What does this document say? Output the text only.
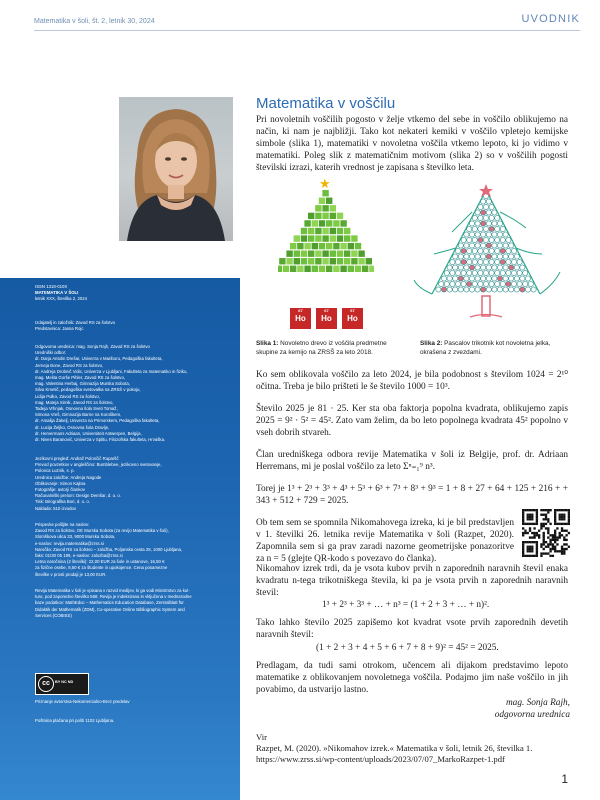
Matematika v šoli, št. 2, letnik 30, 2024	UVODNIK

ISSN 1318-010X

MATEMATIKA V ŠOLI

letnik XXX, številka 2, 2024

Izdajatelj in založnik: Zavod RS za šolstvo

Predstavnica: Jasna Rojc

Odgovorna urednica: mag. Sonja Rajh, Zavod RS za šolstvo

Uredniški odbor:

dr. Darja Antolin Drešar, Univerza v Mariboru, Pedagoška fakulteta,

Jerneja Bone, Zavod RS za šolstvo,

dr. Andreja Drobnič Vidic, Univerza v Ljubljani, Fakulteta za matematiko in fiziko,

mag. Melita Gorše Pihler, Zavod RS za šolstvo,

mag. Valentina Herbaj, Gimnazija Murska Sobota,

Silva Kmetič, pedagoška svetovalka na ZRSŠ v pokoju,

Lidija Pulko, Zavod RS za šolstvo,

mag. Mateja Sirnik, Zavod RS za šolstvo,

Tadeja Vrhnjak, Osnovna šola Sveti Tomaž,

Simona Vreš, Gimnazija Barne na Koroškem,

dr. Amalija Žakelj, Univerza na Primorskem, Pedagoška fakulteta,

dr. Lucija Željko, Osnovna šola Dravlje,

dr. Hervermans Adriaan, Universiteit Antwerpen, Belgija,

dr. Nives Baranović, Univerza v Splitu, Filozofska fakulteta, Hrvaška.

Jezikovni pregled: Andraž Polončič Ruparšč

Prevod povzetkov v angleščino: Bumblebee, jezikovno svetovanje,

Polonca Luznik, s. p.

Urednica založbe: Andreja Nagode

Oblikovanje: Simon Kajtna

Fotografije: avtorji člankov

Računalniški prelom: Design Demšar, d. o. o.

Tisk: Birografika Bori, d. o. o.

Naklada: 510 izvodov

Prispevke pošljite na naslov:

Zavod RS za šolstvo, OE Murska Sobota (za revijo Matematika v šoli),

Slomškova ulica 33, 9000 Murska Sobota,

e-naslov: revija.matematika@zrss.si

Naročila: Zavod RS za šolstvo – založba, Poljanska cesta 28, 1000 Ljubljana,

faks: 01/30 05 199, e-naslov: zalozba@zrss.si

Letna naročnina (2 številki): 22,00 EUR za šole in ustanove, 16,50 €

za fizične osebe, 8,50 € za študente in upokojence. Cena posamezne

številke v prosti prodaji je 13,00 EUR.

Revija Matematika v šoli je vpisana v razvid medijev, ki ga vodi Ministrstvo za kul-

turo, pod zaporedno številko 568. Revija je indeksirana in vključena v mednarodne

baze podatkov: MathEduc – Mathematics Education Database, Zentralblatt für

Didaktik der Mathematik (ZDM), Co-operative Online Bibliographic System and

Services (COBISS)

cc	BY NC ND

Priznanje avtorstva-Nekomercialno-Brez predelav

Poštnina plačana pri pošti 1102 Ljubljana.

Matematika v voščilu

Pri novoletnih voščilih pogosto v želje vtkemo del sebe in voščilo oblikujemo na način, ki nam je najbližji. Tako kot nekateri kemiki v voščilo vpletejo kemijske simbole (slika 1), matematiki v novoletna voščila vtkemo lepoto, ki jo vidimo v matematiki. Poleg slik z matematičnim motivom (slika 2) so v voščilih pogosti številski izrazi, katerih vrednost je zapisana s številko leta.

★
67
Ho
67
Ho
67
Ho
Slika 1: Novoletno drevo iz voščila predmetne skupine za kemijo na ZRSŠ za leto 2018.
Slika 2: Pascalov trikotnik kot novoletna jelka, okrašena z zvezdami.

Ko sem oblikovala voščilo za leto 2024, je bila podobnost s številom 1024 = 2¹⁰ očitna. Treba je bilo prišteti le še število 1000 = 10³.

Število 2025 je 81 · 25. Ker sta oba faktorja popolna kvadrata, oblikujemo zapis 2025 = 9² · 5² = 45². Zato vam želim, da bo leto popolnega kvadrata 45² popolno v vseh dobrih stvareh.

Član uredniškega odbora revije Matematika v šoli iz Belgije, prof. dr. Adriaan Herremans, mi je poslal voščilo za leto Σⁿ₌₁⁹ n³.

Torej je 1³ + 2³ + 3³ + 4³ + 5³ + 6³ + 7³ + 8³ + 9³ = 1 + 8 + 27 + 64 + 125 + 216 + + 343 + 512 + 729 = 2025.

Ob tem sem se spomnila Nikomahovega izreka, ki je bil predstavljen v 1. številki 26. letnika revije Matematika v šoli (Razpet, 2020). Zapomnila sem si ga prav zaradi nazorne geometrijske ponazoritve za n = 5 (glejte QR-kodo s povezavo do članka).

Nikomahov izrek trdi, da je vsota kubov prvih n zaporednih naravnih števil enaka kvadratu n-tega trikotniškega števila, ki pa je vsota prvih n zaporednih naravnih števil:

1³ + 2³ + 3³ + … + n³ = (1 + 2 + 3 + … + n)².

Tako lahko število 2025 zapišemo kot kvadrat vsote prvih zaporednih devetih naravnih števil:

(1 + 2 + 3 + 4 + 5 + 6 + 7 + 8 + 9)² = 45² = 2025.

Predlagam, da tudi sami otrokom, učencem ali dijakom predstavimo lepoto matematike z oblikovanjem novoletnega voščila. Podajmo jim naše voščilo in jih povabimo, da ustvarijo lastno.

mag. Sonja Rajh,
odgovorna urednica
Vir

Razpet, M. (2020). »Nikomahov izrek.« Matematika v šoli, letnik 26, številka 1. https://www.zrss.si/wp-content/uploads/2023/07/07_MarkoRazpet-1.pdf

1
